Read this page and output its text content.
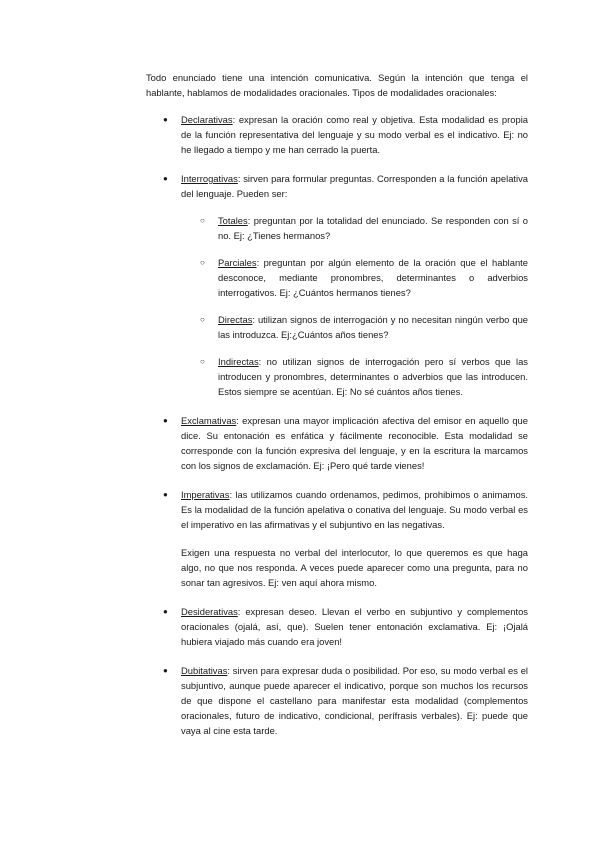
Todo enunciado tiene una intención comunicativa. Según la intención que tenga el hablante, hablamos de modalidades oracionales. Tipos de modalidades oracionales:

● Declarativas: expresan la oración como real y objetiva. Esta modalidad es propia de la función representativa del lenguaje y su modo verbal es el indicativo. Ej: no he llegado a tiempo y me han cerrado la puerta.
● Interrogativas: sirven para formular preguntas. Corresponden a la función apelativa del lenguaje. Pueden ser:
○ Totales: preguntan por la totalidad del enunciado. Se responden con sí o no. Ej: ¿Tienes hermanos?
○ Parciales: preguntan por algún elemento de la oración que el hablante desconoce, mediante pronombres, determinantes o adverbios interrogativos. Ej: ¿Cuántos hermanos tienes?
○ Directas: utilizan signos de interrogación y no necesitan ningún verbo que las introduzca. Ej:¿Cuántos años tienes?
○ Indirectas: no utilizan signos de interrogación pero sí verbos que las introducen y pronombres, determinantes o adverbios que las introducen. Estos siempre se acentúan. Ej: No sé cuántos años tienes.
● Exclamativas: expresan una mayor implicación afectiva del emisor en aquello que dice. Su entonación es enfática y fácilmente reconocible. Esta modalidad se corresponde con la función expresiva del lenguaje, y en la escritura la marcamos con los signos de exclamación. Ej: ¡Pero qué tarde vienes!
● Imperativas: las utilizamos cuando ordenamos, pedimos, prohibimos o animamos. Es la modalidad de la función apelativa o conativa del lenguaje. Su modo verbal es el imperativo en las afirmativas y el subjuntivo en las negativas.

Exigen una respuesta no verbal del interlocutor, lo que queremos es que haga algo, no que nos responda. A veces puede aparecer como una pregunta, para no sonar tan agresivos. Ej: ven aquí ahora mismo.

● Desiderativas: expresan deseo. Llevan el verbo en subjuntivo y complementos oracionales (ojalá, así, que). Suelen tener entonación exclamativa. Ej: ¡Ojalá hubiera viajado más cuando era joven!
● Dubitativas: sirven para expresar duda o posibilidad. Por eso, su modo verbal es el subjuntivo, aunque puede aparecer el indicativo, porque son muchos los recursos de que dispone el castellano para manifestar esta modalidad (complementos oracionales, futuro de indicativo, condicional, perífrasis verbales). Ej: puede que vaya al cine esta tarde.
